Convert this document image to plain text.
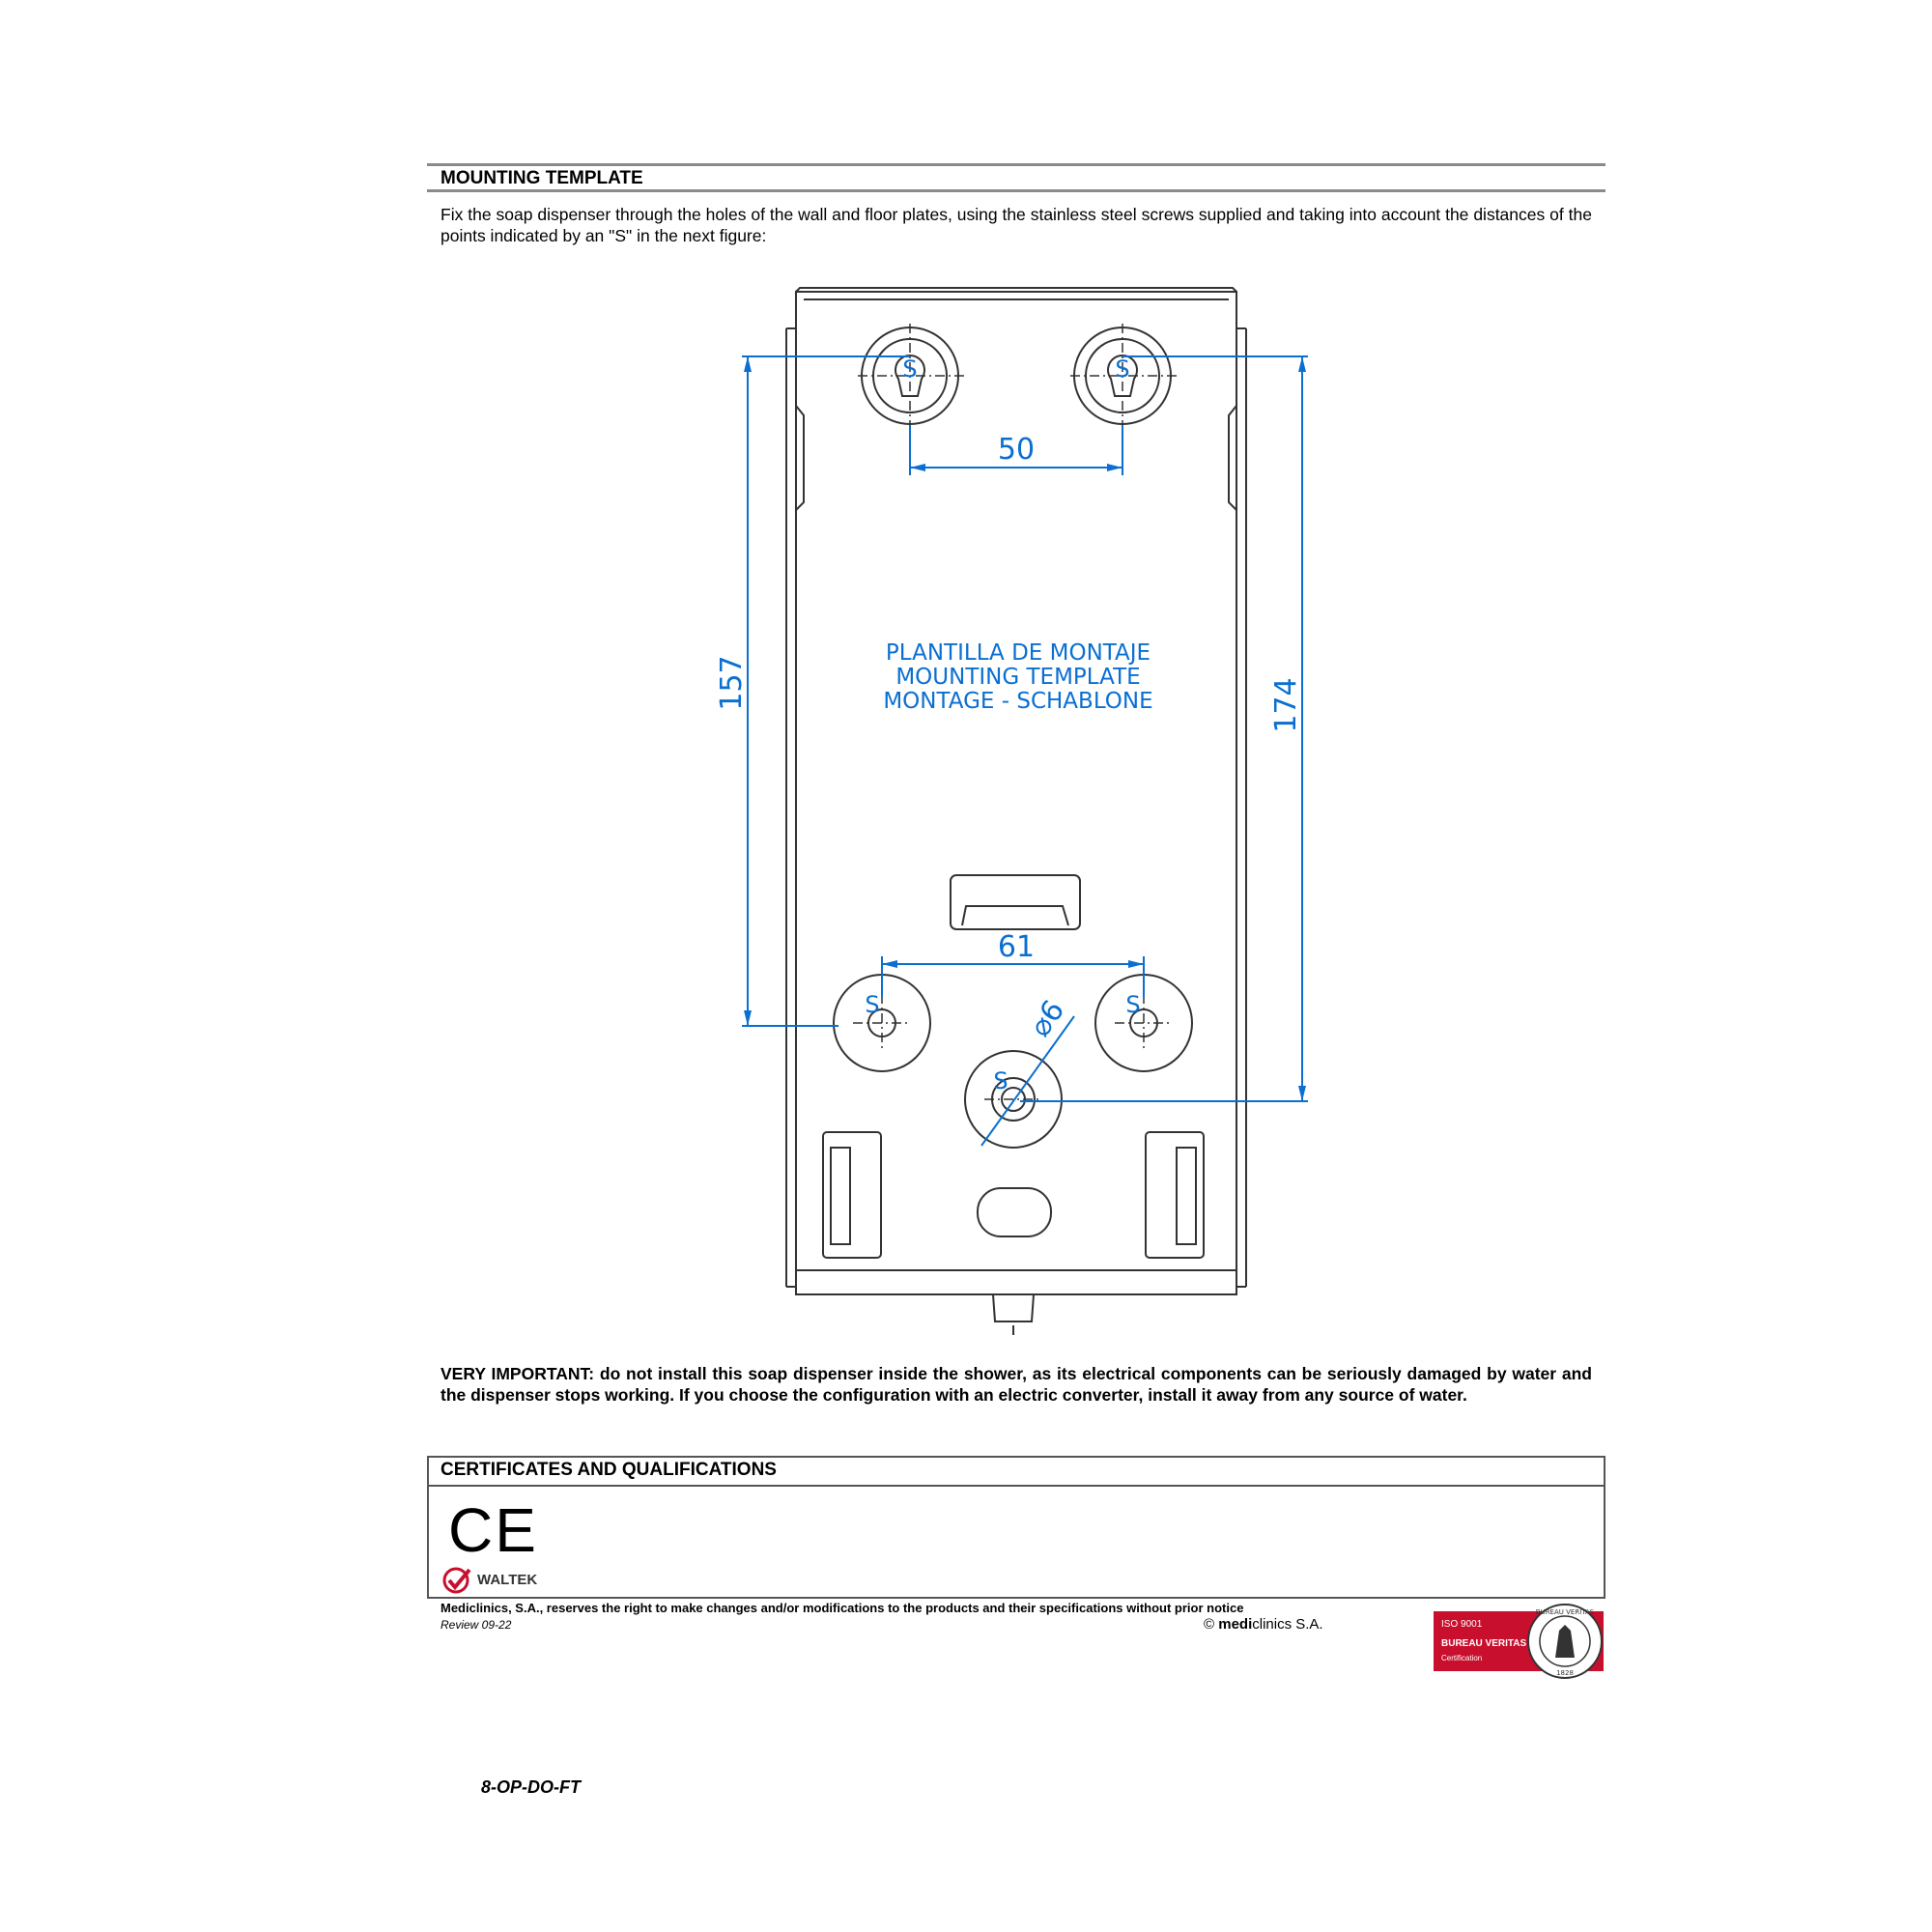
MOUNTING TEMPLATE
Fix the soap dispenser through the holes of the wall and floor plates, using the stainless steel screws supplied and taking into account the distances of the points indicated by an "S" in the next figure:
50
61
157	174
⌀6
S	S
S	S
S
PLANTILLA DE MONTAJE
MOUNTING TEMPLATE
MONTAGE - SCHABLONE
VERY IMPORTANT: do not install this soap dispenser inside the shower, as its electrical components can be seriously damaged by water and the dispenser stops working. If you choose the configuration with an electric converter, install it away from any source of water.
CERTIFICATES AND QUALIFICATIONS
CE
WALTEK
Mediclinics, S.A., reserves the right to make changes and/or modifications to the products and their specifications without prior notice
Review 09-22	© mediclinics S.A.	ISO 9001
BUREAU VERITAS
Certification
BUREAU VERITAS
1828
8-OP-DO-FT
